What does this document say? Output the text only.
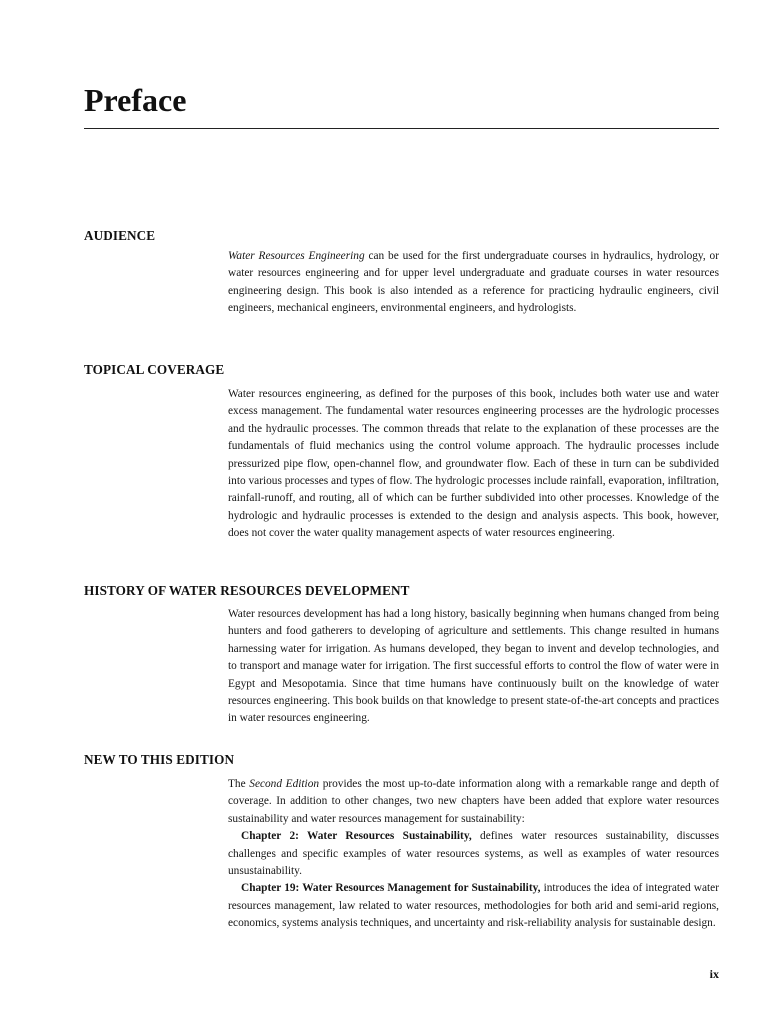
Preface
AUDIENCE

Water Resources Engineering can be used for the first undergraduate courses in hydraulics, hydrology, or water resources engineering and for upper level undergraduate and graduate courses in water resources engineering design. This book is also intended as a reference for practicing hydraulic engineers, civil engineers, mechanical engineers, environmental engineers, and hydrologists.

TOPICAL COVERAGE

Water resources engineering, as defined for the purposes of this book, includes both water use and water excess management. The fundamental water resources engineering processes are the hydrologic processes and the hydraulic processes. The common threads that relate to the explanation of these processes are the fundamentals of fluid mechanics using the control volume approach. The hydraulic processes include pressurized pipe flow, open-channel flow, and groundwater flow. Each of these in turn can be subdivided into various processes and types of flow. The hydrologic processes include rainfall, evaporation, infiltration, rainfall-runoff, and routing, all of which can be further subdivided into other processes. Knowledge of the hydrologic and hydraulic processes is extended to the design and analysis aspects. This book, however, does not cover the water quality management aspects of water resources engineering.

HISTORY OF WATER RESOURCES DEVELOPMENT

Water resources development has had a long history, basically beginning when humans changed from being hunters and food gatherers to developing of agriculture and settlements. This change resulted in humans harnessing water for irrigation. As humans developed, they began to invent and develop technologies, and to transport and manage water for irrigation. The first successful efforts to control the flow of water were in Egypt and Mesopotamia. Since that time humans have continuously built on the knowledge of water resources engineering. This book builds on that knowledge to present state-of-the-art concepts and practices in water resources engineering.

NEW TO THIS EDITION

The Second Edition provides the most up-to-date information along with a remarkable range and depth of coverage. In addition to other changes, two new chapters have been added that explore water resources sustainability and water resources management for sustainability:

Chapter 2: Water Resources Sustainability, defines water resources sustainability, discusses challenges and specific examples of water resources systems, as well as examples of water resources unsustainability.

Chapter 19: Water Resources Management for Sustainability, introduces the idea of integrated water resources management, law related to water resources, methodologies for both arid and semi-arid regions, economics, systems analysis techniques, and uncertainty and risk-reliability analysis for sustainable design.

ix
